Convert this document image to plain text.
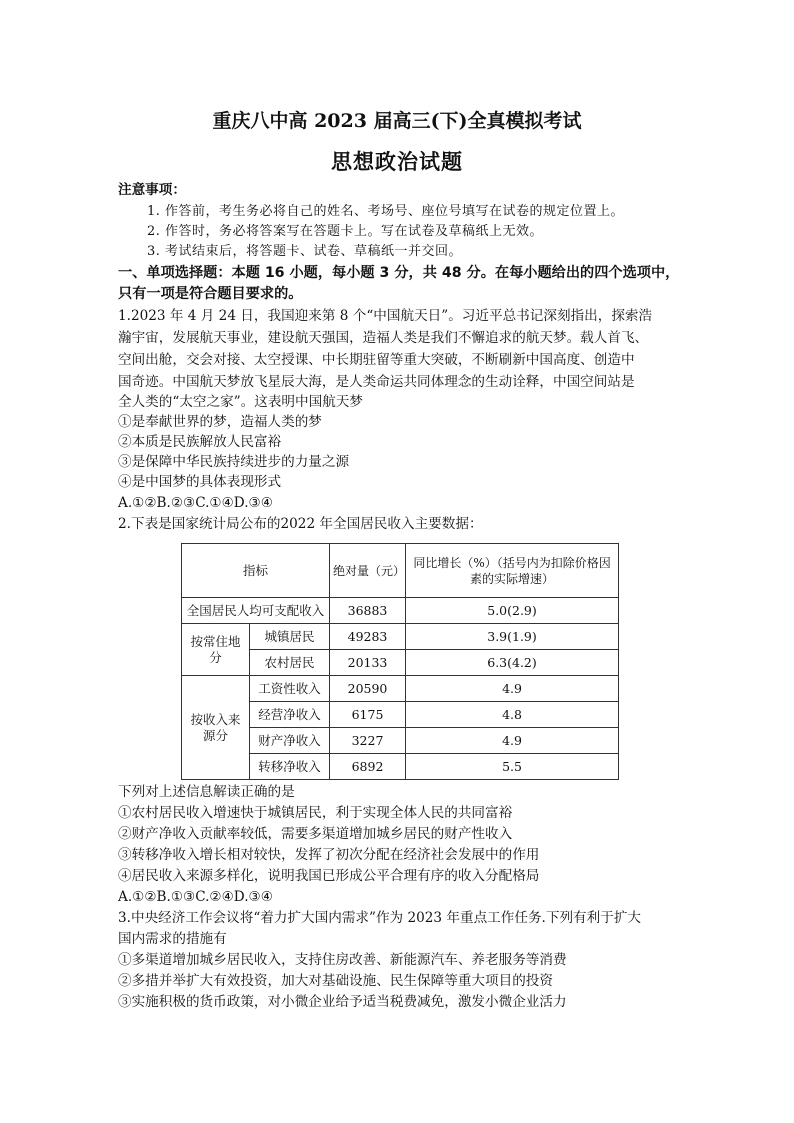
重庆八中高 2023 届高三(下)全真模拟考试
思想政治试题
注意事项：
1. 作答前，考生务必将自己的姓名、考场号、座位号填写在试卷的规定位置上。
2. 作答时，务必将答案写在答题卡上。写在试卷及草稿纸上无效。
3. 考试结束后，将答题卡、试卷、草稿纸一并交回。
一、单项选择题：本题 16 小题，每小题 3 分，共 48 分。在每小题给出的四个选项中，
只有一项是符合题目要求的。
1.2023 年 4 月 24 日，我国迎来第 8 个“中国航天日”。习近平总书记深刻指出，探索浩
瀚宇宙，发展航天事业，建设航天强国，造福人类是我们不懈追求的航天梦。载人首飞、
空间出舱，交会对接、太空授课、中长期驻留等重大突破，不断刷新中国高度、创造中
国奇迹。中国航天梦放飞星辰大海，是人类命运共同体理念的生动诠释，中国空间站是
全人类的“太空之家”。这表明中国航天梦
①是奉献世界的梦，造福人类的梦
②本质是民族解放人民富裕
③是保障中华民族持续进步的力量之源
④是中国梦的具体表现形式
A.①②B.②③C.①④D.③④
2.下表是国家统计局公布的2022 年全国居民收入主要数据：
指标		绝对量（元）	同比增长（%）（括号内为扣除价格因素的实际增速）
全国居民人均可支配收入		36883	5.0(2.9)
按常住地分	城镇居民	49283	3.9(1.9)
	农村居民	20133	6.3(4.2)
按收入来源分	工资性收入	20590	4.9
	经营净收入	6175	4.8
	财产净收入	3227	4.9
	转移净收入	6892	5.5
下列对上述信息解读正确的是
①农村居民收入增速快于城镇居民，利于实现全体人民的共同富裕
②财产净收入贡献率较低，需要多渠道增加城乡居民的财产性收入
③转移净收入增长相对较快，发挥了初次分配在经济社会发展中的作用
④居民收入来源多样化，说明我国已形成公平合理有序的收入分配格局
A.①②B.①③C.②④D.③④
3.中央经济工作会议将“着力扩大国内需求”作为 2023 年重点工作任务.下列有利于扩大
国内需求的措施有
①多渠道增加城乡居民收入，支持住房改善、新能源汽车、养老服务等消费
②多措并举扩大有效投资，加大对基础设施、民生保障等重大项目的投资
③实施积极的货币政策，对小微企业给予适当税费减免，激发小微企业活力
